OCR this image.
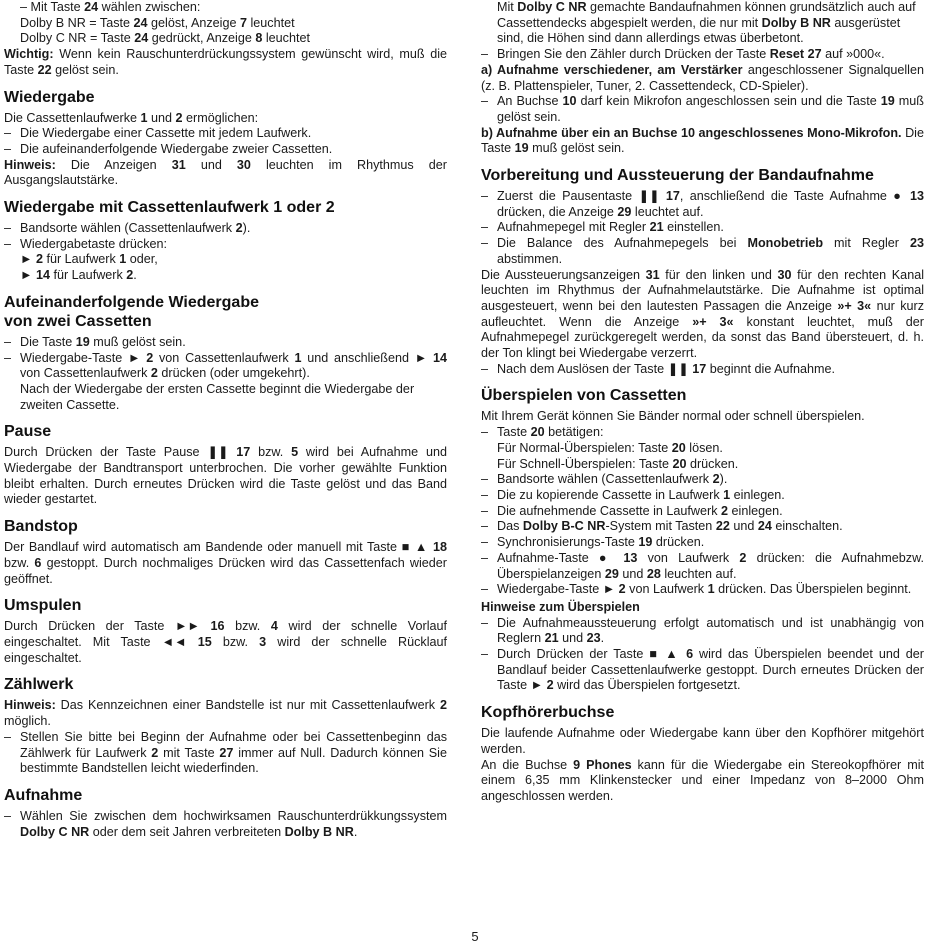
– Mit Taste 24 wählen zwischen:
Dolby B NR = Taste 24 gelöst, Anzeige 7 leuchtet
Dolby C NR = Taste 24 gedrückt, Anzeige 8 leuchtet
Wichtig: Wenn kein Rauschunterdrückungssystem gewünscht wird, muß die Taste 22 gelöst sein.
Wiedergabe
Die Cassettenlaufwerke 1 und 2 ermöglichen:
– Die Wiedergabe einer Cassette mit jedem Laufwerk.
– Die aufeinanderfolgende Wiedergabe zweier Cassetten.
Hinweis: Die Anzeigen 31 und 30 leuchten im Rhythmus der Ausgangslautstärke.
Wiedergabe mit Cassettenlaufwerk 1 oder 2
– Bandsorte wählen (Cassettenlaufwerk 2).
– Wiedergabetaste drücken:
► 2 für Laufwerk 1 oder,
► 14 für Laufwerk 2.
Aufeinanderfolgende Wiedergabe
von zwei Cassetten
– Die Taste 19 muß gelöst sein.
– Wiedergabe-Taste ► 2 von Cassettenlaufwerk 1 und anschließend ► 14 von Cassettenlaufwerk 2 drücken (oder umgekehrt).
Nach der Wiedergabe der ersten Cassette beginnt die Wiedergabe der zweiten Cassette.
Pause
Durch Drücken der Taste Pause ❚❚ 17 bzw. 5 wird bei Aufnahme und Wiedergabe der Bandtransport unterbrochen. Die vorher gewählte Funktion bleibt erhalten. Durch erneutes Drücken wird die Taste gelöst und das Band wieder gestartet.
Bandstop
Der Bandlauf wird automatisch am Bandende oder manuell mit Taste ■ ▲ 18 bzw. 6 gestoppt. Durch nochmaliges Drücken wird das Cassettenfach wieder geöffnet.
Umspulen
Durch Drücken der Taste ►► 16 bzw. 4 wird der schnelle Vorlauf eingeschaltet. Mit Taste ◄◄ 15 bzw. 3 wird der schnelle Rücklauf eingeschaltet.
Zählwerk
Hinweis: Das Kennzeichnen einer Bandstelle ist nur mit Cassettenlaufwerk 2 möglich.
– Stellen Sie bitte bei Beginn der Aufnahme oder bei Cassettenbeginn das Zählwerk für Laufwerk 2 mit Taste 27 immer auf Null. Dadurch können Sie bestimmte Bandstellen leicht wiederfinden.
Aufnahme
– Wählen Sie zwischen dem hochwirksamen Rauschunterdrükkungssystem Dolby C NR oder dem seit Jahren verbreiteten Dolby B NR.
Mit Dolby C NR gemachte Bandaufnahmen können grundsätzlich auch auf Cassettendecks abgespielt werden, die nur mit Dolby B NR ausgerüstet sind, die Höhen sind dann allerdings etwas überbetont.
– Bringen Sie den Zähler durch Drücken der Taste Reset 27 auf »000«.
a) Aufnahme verschiedener, am Verstärker angeschlossener Signalquellen (z. B. Plattenspieler, Tuner, 2. Cassettendeck, CD-Spieler).
– An Buchse 10 darf kein Mikrofon angeschlossen sein und die Taste 19 muß gelöst sein.
b) Aufnahme über ein an Buchse 10 angeschlossenes Mono-Mikrofon. Die Taste 19 muß gelöst sein.
Vorbereitung und Aussteuerung der Bandaufnahme
– Zuerst die Pausentaste ❚❚ 17, anschließend die Taste Aufnahme ● 13 drücken, die Anzeige 29 leuchtet auf.
– Aufnahmepegel mit Regler 21 einstellen.
– Die Balance des Aufnahmepegels bei Monobetrieb mit Regler 23 abstimmen.
Die Aussteuerungsanzeigen 31 für den linken und 30 für den rechten Kanal leuchten im Rhythmus der Aufnahmelautstärke. Die Aufnahme ist optimal ausgesteuert, wenn bei den lautesten Passagen die Anzeige »+ 3« nur kurz aufleuchtet. Wenn die Anzeige »+ 3« konstant leuchtet, muß der Aufnahmepegel zurückgeregelt werden, da sonst das Band übersteuert, d. h. der Ton klingt bei Wiedergabe verzerrt.
– Nach dem Auslösen der Taste ❚❚ 17 beginnt die Aufnahme.
Überspielen von Cassetten
Mit Ihrem Gerät können Sie Bänder normal oder schnell überspielen.
– Taste 20 betätigen:
Für Normal-Überspielen: Taste 20 lösen.
Für Schnell-Überspielen: Taste 20 drücken.
– Bandsorte wählen (Cassettenlaufwerk 2).
– Die zu kopierende Cassette in Laufwerk 1 einlegen.
– Die aufnehmende Cassette in Laufwerk 2 einlegen.
– Das Dolby B-C NR-System mit Tasten 22 und 24 einschalten.
– Synchronisierungs-Taste 19 drücken.
– Aufnahme-Taste ● 13 von Laufwerk 2 drücken: die Aufnahmebzw. Überspielanzeigen 29 und 28 leuchten auf.
– Wiedergabe-Taste ► 2 von Laufwerk 1 drücken. Das Überspielen beginnt.
Hinweise zum Überspielen
– Die Aufnahmeaussteuerung erfolgt automatisch und ist unabhängig von Reglern 21 und 23.
– Durch Drücken der Taste ■ ▲ 6 wird das Überspielen beendet und der Bandlauf beider Cassettenlaufwerke gestoppt. Durch erneutes Drücken der Taste ► 2 wird das Überspielen fortgesetzt.
Kopfhörerbuchse
Die laufende Aufnahme oder Wiedergabe kann über den Kopfhörer mitgehört werden.
An die Buchse 9 Phones kann für die Wiedergabe ein Stereokopfhörer mit einem 6,35 mm Klinkenstecker und einer Impedanz von 8–2000 Ohm angeschlossen werden.
5
